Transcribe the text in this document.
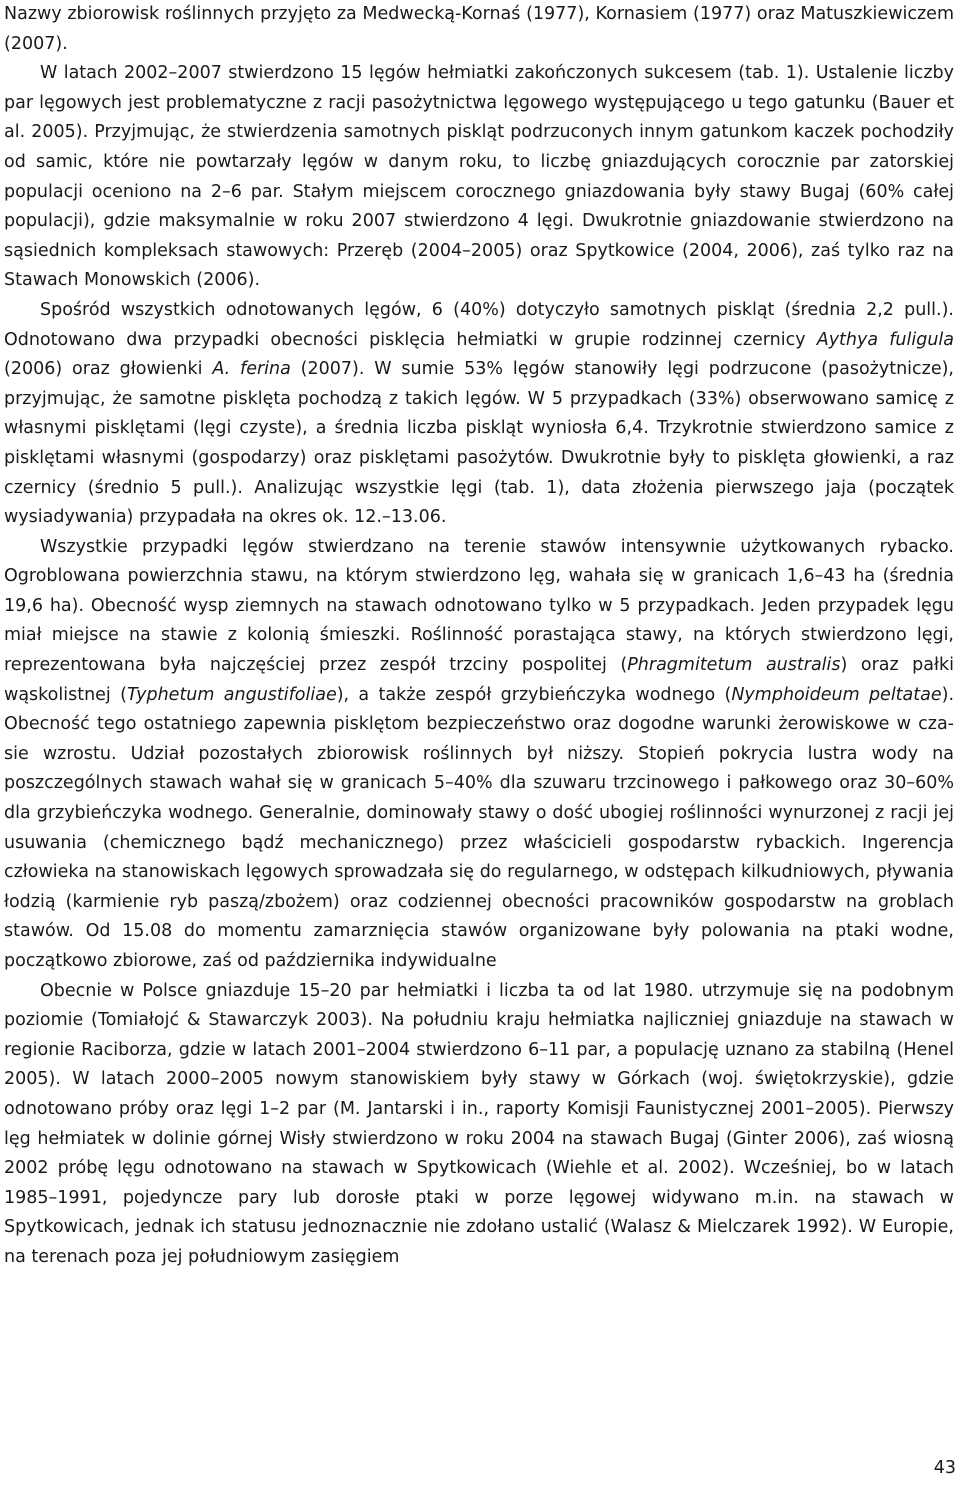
Nazwy zbiorowisk roślinnych przyjęto za Medwecką-Kornaś (1977), Kornasiem (1977) oraz Matuszkiewiczem (2007).

W latach 2002–2007 stwierdzono 15 lęgów hełmiatki zakończonych sukcesem (tab. 1). Ustalenie liczby par lęgowych jest problematyczne z racji pasożytnictwa lęgowego występującego u tego gatunku (Bauer et al. 2005). Przyjmując, że stwierdzenia samotnych piskląt podrzuconych innym gatunkom kaczek pochodziły od samic, które nie powtarzały lęgów w danym roku, to liczbę gniazdujących corocznie par zatorskiej populacji oceniono na 2–6 par. Stałym miejscem corocznego gniazdowania były stawy Bugaj (60% całej populacji), gdzie maksymalnie w roku 2007 stwierdzono 4 lęgi. Dwukrotnie gniazdowanie stwierdzono na sąsiednich kompleksach stawowych: Przeręb (2004–2005) oraz Spytkowice (2004, 2006), zaś tylko raz na Stawach Monowskich (2006).

Spośród wszystkich odnotowanych lęgów, 6 (40%) dotyczyło samotnych piskląt (średnia 2,2 pull.). Odnotowano dwa przypadki obecności pisklęcia hełmiatki w grupie rodzinnej czernicy Aythya fuligula (2006) oraz głowienki A. ferina (2007). W sumie 53% lęgów stanowiły lęgi podrzucone (pasożytnicze), przyjmując, że samotne pisklęta pochodzą z takich lęgów. W 5 przypadkach (33%) obserwowano samicę z własnymi pisklętami (lęgi czyste), a średnia liczba piskląt wyniosła 6,4. Trzykrotnie stwierdzono samice z pisklętami własnymi (gospodarzy) oraz pisklętami pasożytów. Dwukrotnie były to pisklęta głowienki, a raz czernicy (średnio 5 pull.). Analizując wszystkie lęgi (tab. 1), data złożenia pierwszego jaja (początek wysiadywania) przypadała na okres ok. 12.–13.06.

Wszystkie przypadki lęgów stwierdzano na terenie stawów intensywnie użytkowanych rybacko. Ogroblowana powierzchnia stawu, na którym stwierdzono lęg, wahała się w granicach 1,6–43 ha (średnia 19,6 ha). Obecność wysp ziemnych na stawach odnotowano tylko w 5 przypadkach. Jeden przypadek lęgu miał miejsce na stawie z kolonią śmieszki. Roślinność porastająca stawy, na których stwierdzono lęgi, reprezentowana była najczęściej przez zespół trzciny pospolitej (Phragmitetum australis) oraz pałki wąskolistnej (Typhetum angustifoliae), a także zespół grzybieńczyka wodnego (Nymphoideum peltatae). Obecność tego ostatniego zapewnia pisklętom bezpieczeństwo oraz dogodne warunki żerowiskowe w czasie wzrostu. Udział pozostałych zbiorowisk roślinnych był niższy. Stopień pokrycia lustra wody na poszczególnych stawach wahał się w granicach 5–40% dla szuwaru trzcinowego i pałkowego oraz 30–60% dla grzybieńczyka wodnego. Generalnie, dominowały stawy o dość ubogiej roślinności wynurzonej z racji jej usuwania (chemicznego bądź mechanicznego) przez właścicieli gospodarstw rybackich. Ingerencja człowieka na stanowiskach lęgowych sprowadzała się do regularnego, w odstępach kilkudniowych, pływania łodzią (karmienie ryb paszą/zbożem) oraz codziennej obecności pracowników gospodarstw na groblach stawów. Od 15.08 do momentu zamarznięcia stawów organizowane były polowania na ptaki wodne, początkowo zbiorowe, zaś od października indywidualne

Obecnie w Polsce gniazduje 15–20 par hełmiatki i liczba ta od lat 1980. utrzymuje się na podobnym poziomie (Tomiałojć & Stawarczyk 2003). Na południu kraju hełmiatka najliczniej gniazduje na stawach w regionie Raciborza, gdzie w latach 2001–2004 stwierdzono 6–11 par, a populację uznano za stabilną (Henel 2005). W latach 2000–2005 nowym stanowiskiem były stawy w Górkach (woj. świętokrzyskie), gdzie odnotowano próby oraz lęgi 1–2 par (M. Jantarski i in., raporty Komisji Faunistycznej 2001–2005). Pierwszy lęg hełmiatek w dolinie górnej Wisły stwierdzono w roku 2004 na stawach Bugaj (Ginter 2006), zaś wiosną 2002 próbę lęgu odnotowano na stawach w Spytkowicach (Wiehle et al. 2002). Wcześniej, bo w latach 1985–1991, pojedyncze pary lub dorosłe ptaki w porze lęgowej widywano m.in. na stawach w Spytkowicach, jednak ich statusu jednoznacznie nie zdołano ustalić (Walasz & Mielczarek 1992). W Europie, na terenach poza jej południowym zasięgiem

43
